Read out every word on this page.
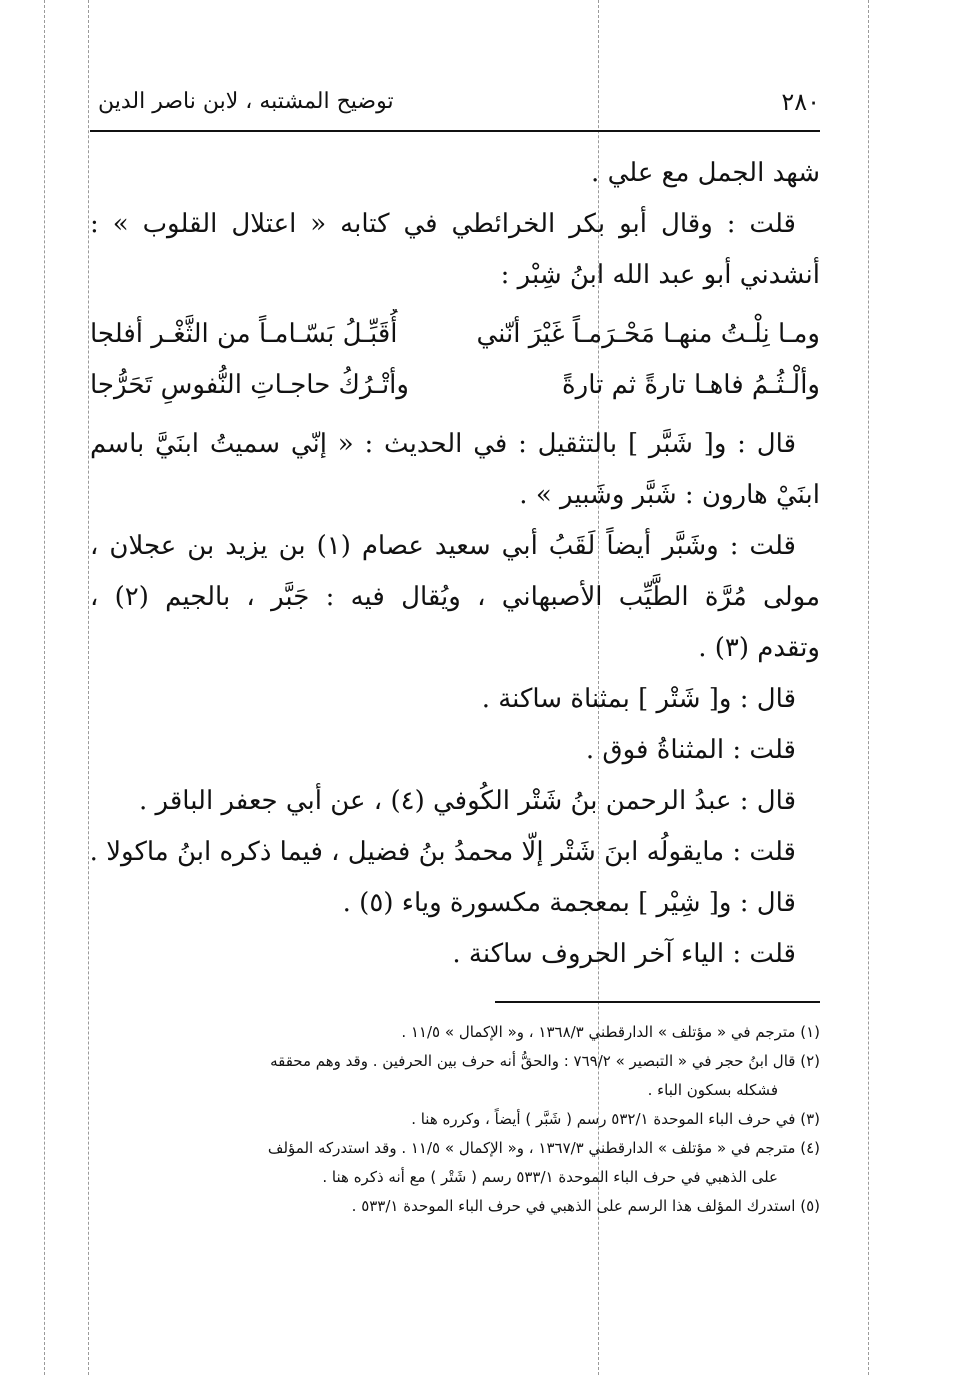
٢٨٠
توضيح المشتبه ، لابن ناصر الدين
شهد الجمل مع علي .
قلت : وقال أبو بكر الخرائطي في كتابه « اعتلال القلوب » :
أنشدني أبو عبد الله ابنُ شِبْر :
ومـا نِلْـتُ منهـا مَحْـرَمـاً غَيْرَ أنّني
أُقَبِّـلُ بَسّـامـاً من الثَّغْـر أفلجا
وألْـثُـمُ فاهـا تارةً ثم تارةً
وأتْـرُكُ حاجـاتِ النُّفوسِ تَحَرُّجا
قال : و[ شَبَّر ] بالتثقيل : في الحديث : « إنّي سميتُ ابنَيَّ باسم
ابنَيْ هارون : شَبَّر وشَبير » .
قلت : وشَبَّر أيضاً لَقَبُ أبي سعيد عصام (١) بن يزيد بن عجلان ،
مولى مُرَّة الطَّيِّب الأصبهاني ، ويُقال فيه : جَبَّر ، بالجيم (٢) ،
وتقدم (٣) .
قال : و[ شَتْر ] بمثناة ساكنة .
قلت : المثناةُ فوق .
قال : عبدُ الرحمن بنُ شَتْر الكُوفي (٤) ، عن أبي جعفر الباقر .
قلت : مايقولُه ابنَ شَتْر إلّا محمدُ بنُ فضيل ، فيما ذكره ابنُ ماكولا .
قال : و[ شِيْر ] بمعجمة مكسورة وياء (٥) .
قلت : الياء آخر الحروف ساكنة .
(١) مترجم في « مؤتلف » الدارقطني ١٣٦٨/٣ ، و« الإكمال » ١١/٥ .
(٢) قال ابنُ حجر في « التبصير » ٧٦٩/٢ : والحقُّ أنه حرف بين الحرفين . وقد وهم محققه
فشكله بسكون الباء .
(٣) في حرف الباء الموحدة ٥٣٢/١ رسم ( شَبَّر ) أيضاً ، وكرره هنا .
(٤) مترجم في « مؤتلف » الدارقطني ١٣٦٧/٣ ، و« الإكمال » ١١/٥ . وقد استدركه المؤلف
على الذهبي في حرف الباء الموحدة ٥٣٣/١ رسم ( شَتْر ) مع أنه ذكره هنا .
(٥) استدرك المؤلف هذا الرسم على الذهبي في حرف الباء الموحدة ٥٣٣/١ .
